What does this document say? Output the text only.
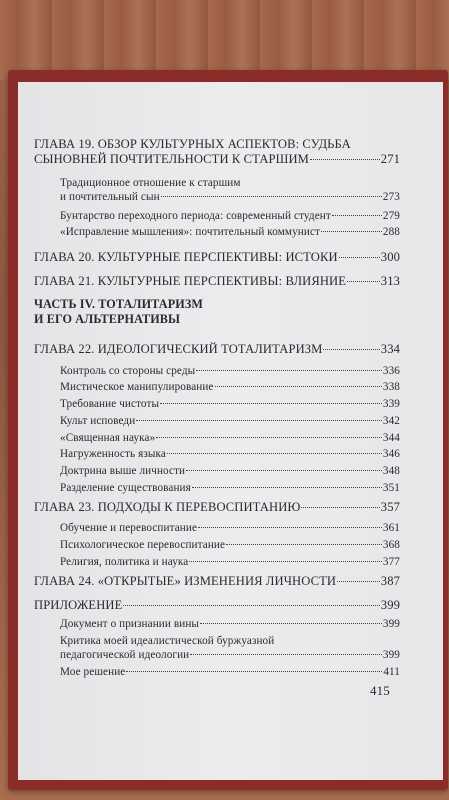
ГЛАВА 19. ОБЗОР КУЛЬТУРНЫХ АСПЕКТОВ: СУДЬБА
СЫНОВНЕЙ ПОЧТИТЕЛЬНОСТИ К СТАРШИМ	271
Традиционное отношение к старшим
и почтительный сын	273
Бунтарство переходного периода: современный студент	279
«Исправление мышления»: почтительный коммунист	288
ГЛАВА 20. КУЛЬТУРНЫЕ ПЕРСПЕКТИВЫ: ИСТОКИ	300
ГЛАВА 21. КУЛЬТУРНЫЕ ПЕРСПЕКТИВЫ: ВЛИЯНИЕ	313
ЧАСТЬ IV. ТОТАЛИТАРИЗМ
И ЕГО АЛЬТЕРНАТИВЫ
ГЛАВА 22. ИДЕОЛОГИЧЕСКИЙ ТОТАЛИТАРИЗМ	334
Контроль со стороны среды	336
Мистическое манипулирование	338
Требование чистоты	339
Культ исповеди	342
«Священная наука»	344
Нагруженность языка	346
Доктрина выше личности	348
Разделение существования	351
ГЛАВА 23. ПОДХОДЫ К ПЕРЕВОСПИТАНИЮ	357
Обучение и перевоспитание	361
Психологическое перевоспитание	368
Религия, политика и наука	377
ГЛАВА 24. «ОТКРЫТЫЕ» ИЗМЕНЕНИЯ ЛИЧНОСТИ	387
ПРИЛОЖЕНИЕ	399
Документ о признании вины	399
Критика моей идеалистической буржуазной
педагогической идеологии	399
Мое решение	411
415
